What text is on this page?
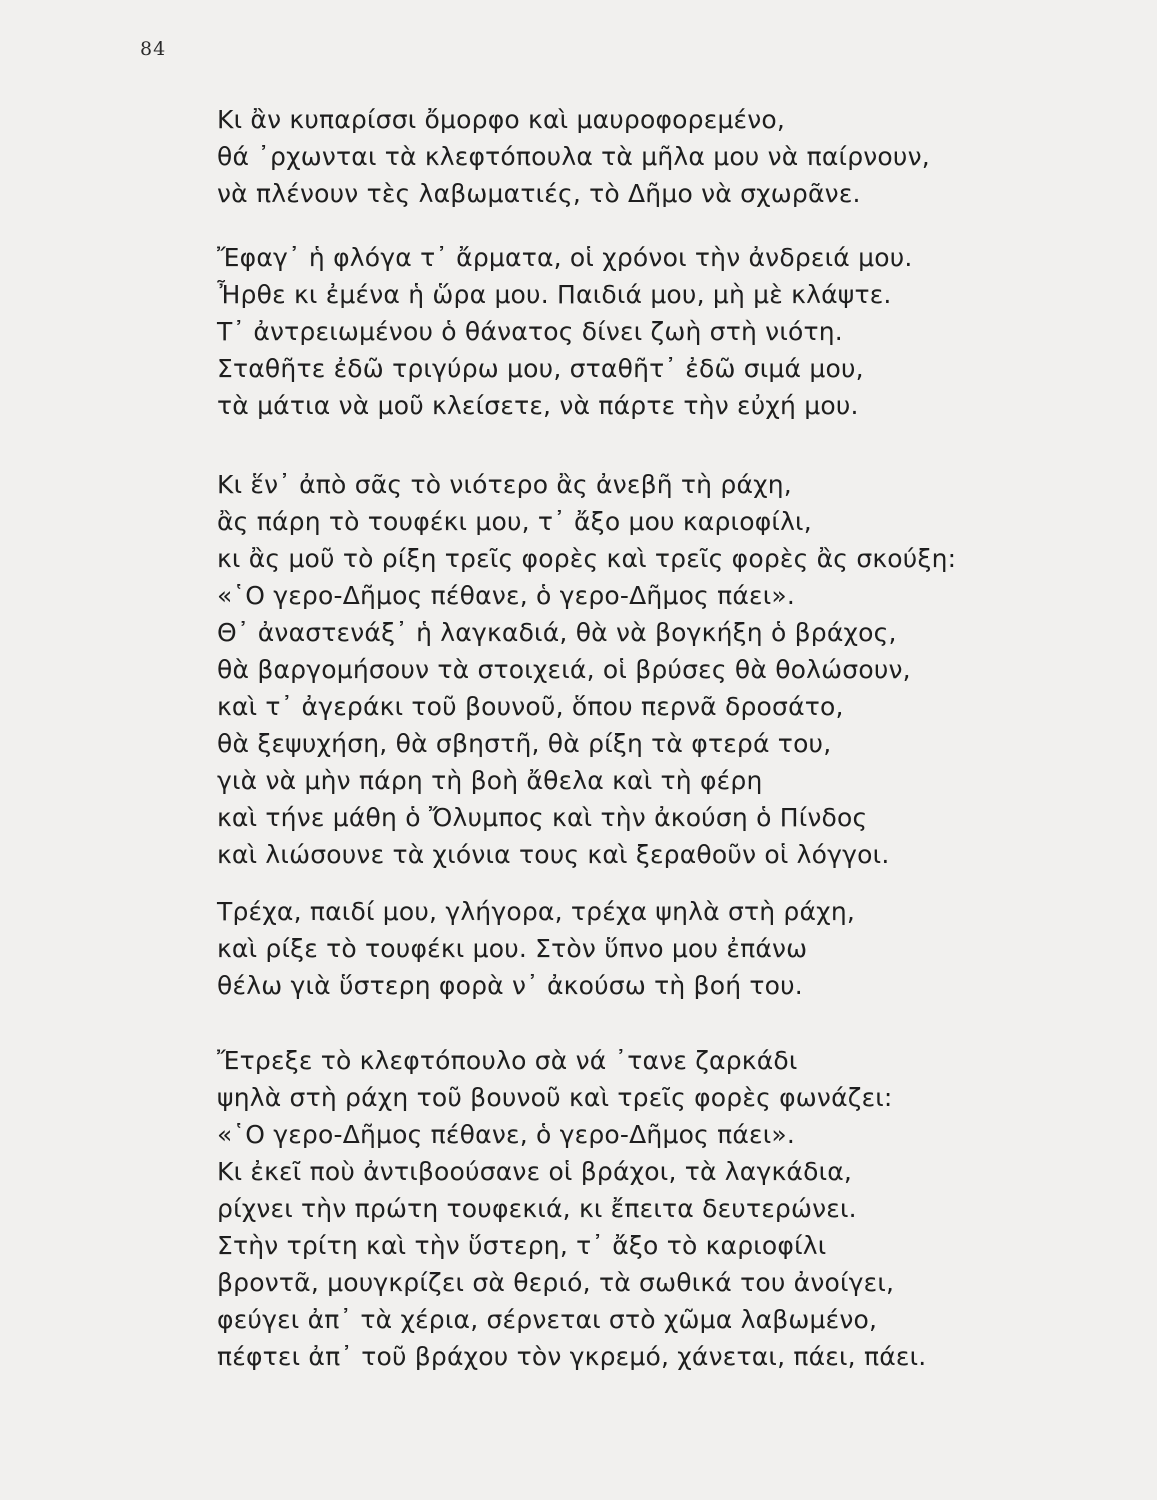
84
Κι ἂν κυπαρίσσι ὄμορφο καὶ μαυροφορεμένο,
θά ᾿ρχωνται τὰ κλεφτόπουλα τὰ μῆλα μου νὰ παίρνουν,
νὰ πλένουν τὲς λαβωματιές, τὸ Δῆμο νὰ σχωρᾶνε.
Ἔφαγ᾿ ἡ φλόγα τ᾿ ἄρματα, οἱ χρόνοι τὴν ἀνδρειά μου.
Ἦρθε κι ἐμένα ἡ ὥρα μου. Παιδιά μου, μὴ μὲ κλάψτε.
Τ᾿ ἀντρειωμένου ὁ θάνατος δίνει ζωὴ στὴ νιότη.
Σταθῆτε ἐδῶ τριγύρω μου, σταθῆτ᾿ ἐδῶ σιμά μου,
τὰ μάτια νὰ μοῦ κλείσετε, νὰ πάρτε τὴν εὐχή μου.
Κι ἕν᾿ ἀπὸ σᾶς τὸ νιότερο ἂς ἀνεβῆ τὴ ράχη,
ἂς πάρη τὸ τουφέκι μου, τ᾿ ἄξο μου καριοφίλι,
κι ἂς μοῦ τὸ ρίξη τρεῖς φορὲς καὶ τρεῖς φορὲς ἂς σκούξη:
«῾Ο γερο-Δῆμος πέθανε, ὁ γερο-Δῆμος πάει».
Θ᾿ ἀναστενάξ᾿ ἡ λαγκαδιά, θὰ νὰ βογκήξη ὁ βράχος,
θὰ βαργομήσουν τὰ στοιχειά, οἱ βρύσες θὰ θολώσουν,
καὶ τ᾿ ἀγεράκι τοῦ βουνοῦ, ὅπου περνᾶ δροσάτο,
θὰ ξεψυχήση, θὰ σβηστῆ, θὰ ρίξη τὰ φτερά του,
γιὰ νὰ μὴν πάρη τὴ βοὴ ἄθελα καὶ τὴ φέρη
καὶ τήνε μάθη ὁ Ὄλυμπος καὶ τὴν ἀκούση ὁ Πίνδος
καὶ λιώσουνε τὰ χιόνια τους καὶ ξεραθοῦν οἱ λόγγοι.
Τρέχα, παιδί μου, γλήγορα, τρέχα ψηλὰ στὴ ράχη,
καὶ ρίξε τὸ τουφέκι μου. Στὸν ὕπνο μου ἐπάνω
θέλω γιὰ ὕστερη φορὰ ν᾿ ἀκούσω τὴ βοή του.
Ἔτρεξε τὸ κλεφτόπουλο σὰ νά ᾿τανε ζαρκάδι
ψηλὰ στὴ ράχη τοῦ βουνοῦ καὶ τρεῖς φορὲς φωνάζει:
«῾Ο γερο-Δῆμος πέθανε, ὁ γερο-Δῆμος πάει».
Κι ἐκεῖ ποὺ ἀντιβοούσανε οἱ βράχοι, τὰ λαγκάδια,
ρίχνει τὴν πρώτη τουφεκιά, κι ἔπειτα δευτερώνει.
Στὴν τρίτη καὶ τὴν ὕστερη, τ᾿ ἄξο τὸ καριοφίλι
βροντᾶ, μουγκρίζει σὰ θεριό, τὰ σωθικά του ἀνοίγει,
φεύγει ἀπ᾿ τὰ χέρια, σέρνεται στὸ χῶμα λαβωμένο,
πέφτει ἀπ᾿ τοῦ βράχου τὸν γκρεμό, χάνεται, πάει, πάει.
